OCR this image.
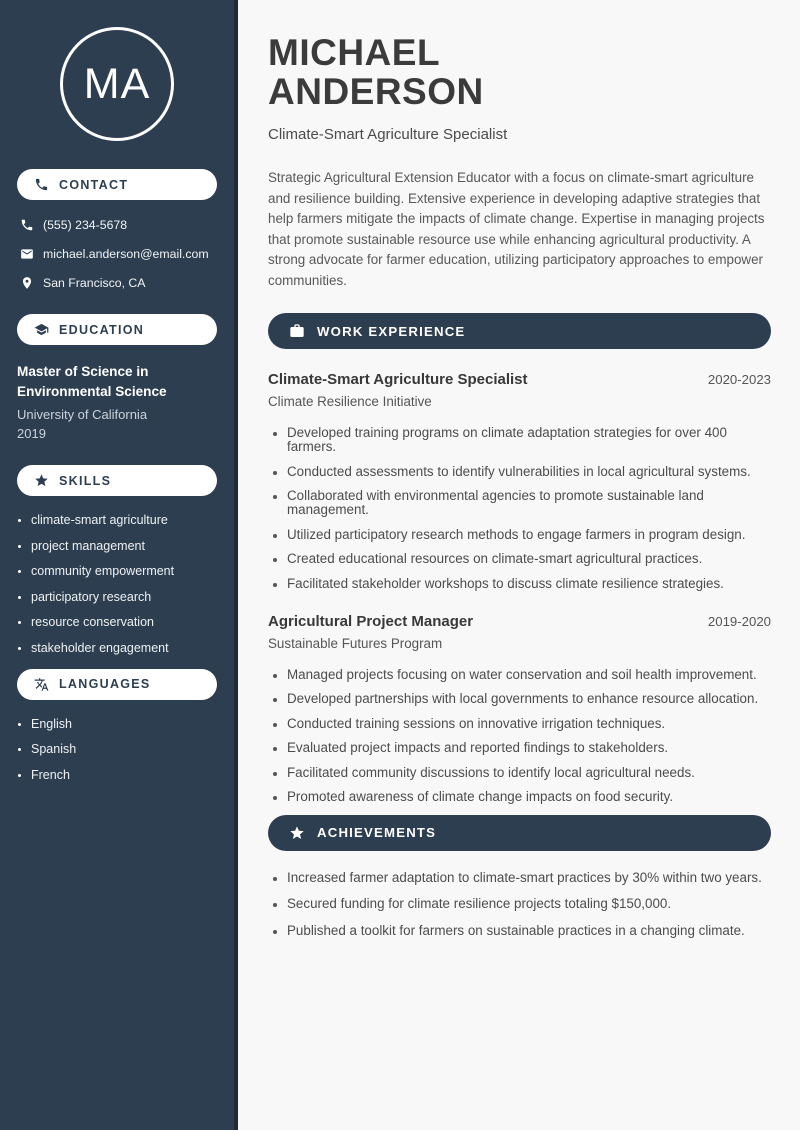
MA
CONTACT
(555) 234-5678
michael.anderson@email.com
San Francisco, CA
EDUCATION
Master of Science in Environmental Science
University of California
2019
SKILLS
• climate-smart agriculture
• project management
• community empowerment
• participatory research
• resource conservation
• stakeholder engagement
LANGUAGES
• English
• Spanish
• French
MICHAEL
ANDERSON
Climate-Smart Agriculture Specialist

Strategic Agricultural Extension Educator with a focus on climate-smart agriculture and resilience building. Extensive experience in developing adaptive strategies that help farmers mitigate the impacts of climate change. Expertise in managing projects that promote sustainable resource use while enhancing agricultural productivity. A strong advocate for farmer education, utilizing participatory approaches to empower communities.

WORK EXPERIENCE
Climate-Smart Agriculture Specialist	2020-2023
Climate Resilience Initiative
• Developed training programs on climate adaptation strategies for over 400 farmers.
• Conducted assessments to identify vulnerabilities in local agricultural systems.
• Collaborated with environmental agencies to promote sustainable land management.
• Utilized participatory research methods to engage farmers in program design.
• Created educational resources on climate-smart agricultural practices.
• Facilitated stakeholder workshops to discuss climate resilience strategies.
Agricultural Project Manager	2019-2020
Sustainable Futures Program
• Managed projects focusing on water conservation and soil health improvement.
• Developed partnerships with local governments to enhance resource allocation.
• Conducted training sessions on innovative irrigation techniques.
• Evaluated project impacts and reported findings to stakeholders.
• Facilitated community discussions to identify local agricultural needs.
• Promoted awareness of climate change impacts on food security.
ACHIEVEMENTS
• Increased farmer adaptation to climate-smart practices by 30% within two years.
• Secured funding for climate resilience projects totaling $150,000.
• Published a toolkit for farmers on sustainable practices in a changing climate.
